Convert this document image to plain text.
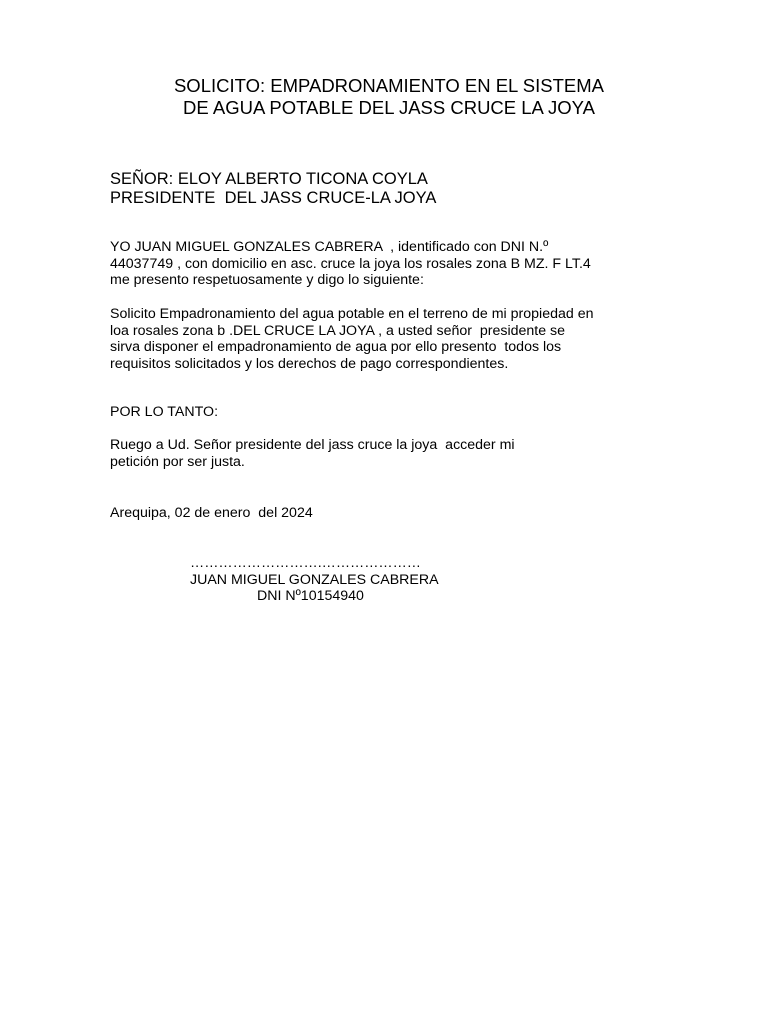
SOLICITO: EMPADRONAMIENTO EN EL SISTEMA
DE AGUA POTABLE DEL JASS CRUCE LA JOYA
SEÑOR: ELOY ALBERTO TICONA COYLA
PRESIDENTE  DEL JASS CRUCE-LA JOYA
YO JUAN MIGUEL GONZALES CABRERA  , identificado con DNI N.º
44037749 , con domicilio en asc. cruce la joya los rosales zona B MZ. F LT.4
me presento respetuosamente y digo lo siguiente:
Solicito Empadronamiento del agua potable en el terreno de mi propiedad en
loa rosales zona b .DEL CRUCE LA JOYA , a usted señor  presidente se
sirva disponer el empadronamiento de agua por ello presento  todos los
requisitos solicitados y los derechos de pago correspondientes.
POR LO TANTO:
Ruego a Ud. Señor presidente del jass cruce la joya  acceder mi
petición por ser justa.
Arequipa, 02 de enero  del 2024
……………………….…………………
JUAN MIGUEL GONZALES CABRERA
DNI Nº10154940
